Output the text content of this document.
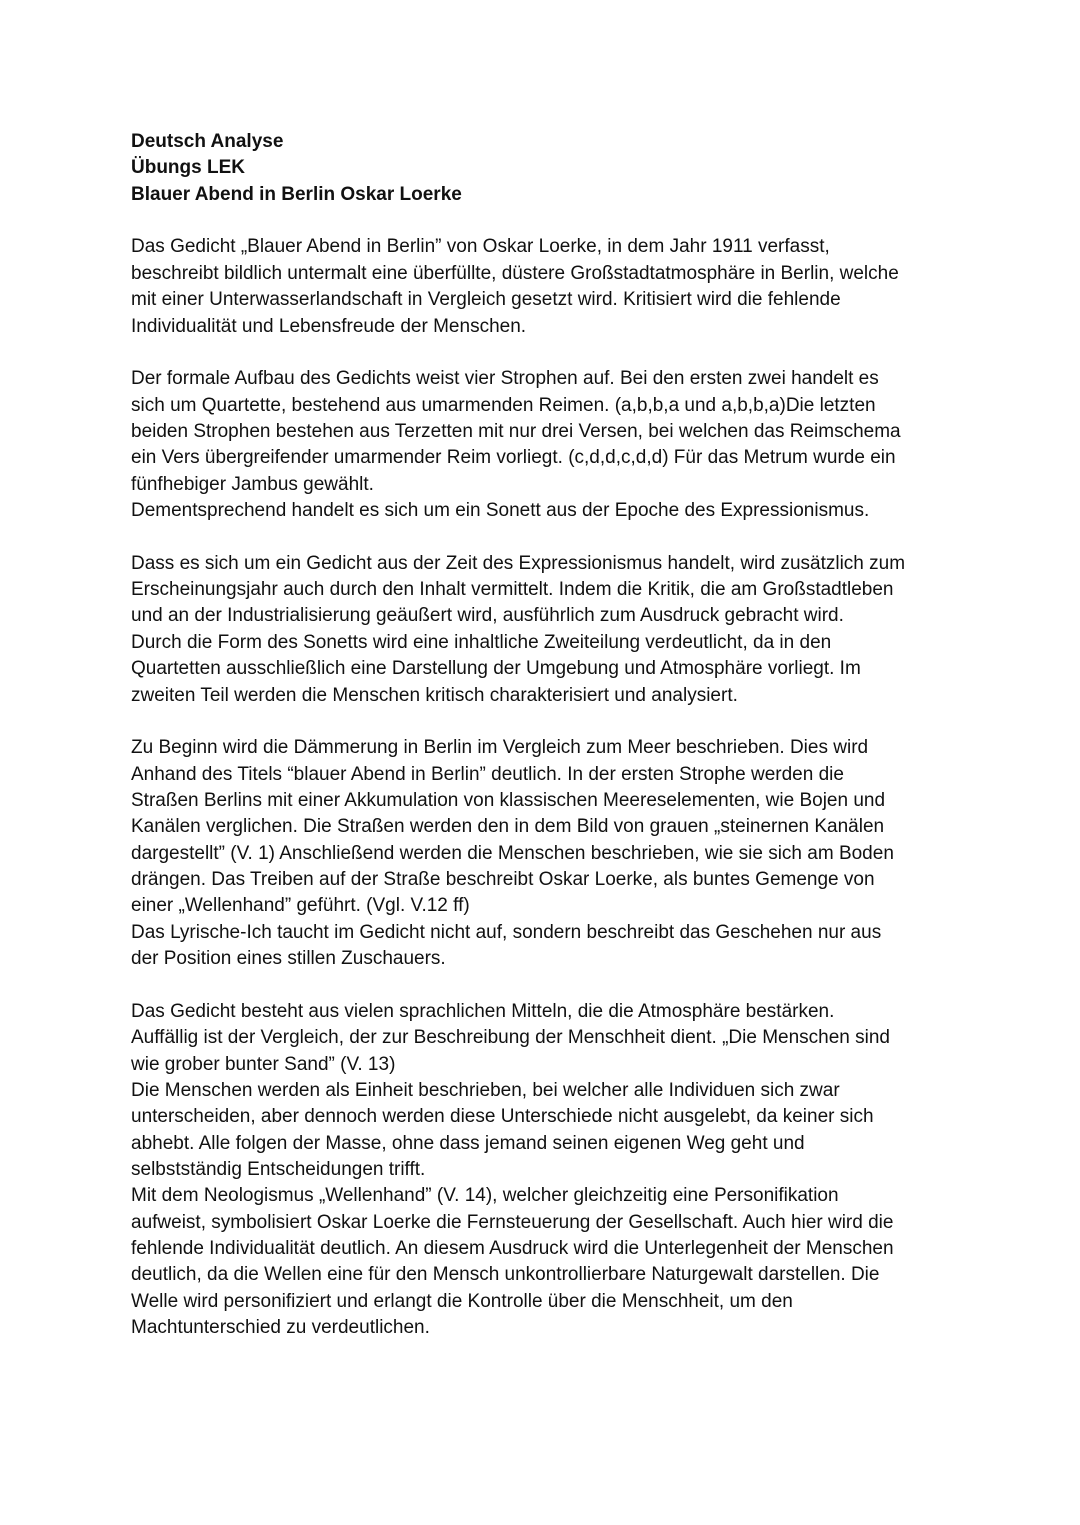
Deutsch Analyse
Übungs LEK
Blauer Abend in Berlin Oskar Loerke
Das Gedicht „Blauer Abend in Berlin” von Oskar Loerke, in dem Jahr 1911 verfasst,
beschreibt bildlich untermalt eine überfüllte, düstere Großstadtatmosphäre in Berlin, welche
mit einer Unterwasserlandschaft in Vergleich gesetzt wird. Kritisiert wird die fehlende
Individualität und Lebensfreude der Menschen.
Der formale Aufbau des Gedichts weist vier Strophen auf. Bei den ersten zwei handelt es
sich um Quartette, bestehend aus umarmenden Reimen. (a,b,b,a und a,b,b,a)Die letzten
beiden Strophen bestehen aus Terzetten mit nur drei Versen, bei welchen das Reimschema
ein Vers übergreifender umarmender Reim vorliegt. (c,d,d,c,d,d) Für das Metrum wurde ein
fünfhebiger Jambus gewählt.
Dementsprechend handelt es sich um ein Sonett aus der Epoche des Expressionismus.
Dass es sich um ein Gedicht aus der Zeit des Expressionismus handelt, wird zusätzlich zum
Erscheinungsjahr auch durch den Inhalt vermittelt. Indem die Kritik, die am Großstadtleben
und an der Industrialisierung geäußert wird, ausführlich zum Ausdruck gebracht wird.
Durch die Form des Sonetts wird eine inhaltliche Zweiteilung verdeutlicht, da in den
Quartetten ausschließlich eine Darstellung der Umgebung und Atmosphäre vorliegt. Im
zweiten Teil werden die Menschen kritisch charakterisiert und analysiert.
Zu Beginn wird die Dämmerung in Berlin im Vergleich zum Meer beschrieben. Dies wird
Anhand des Titels “blauer Abend in Berlin” deutlich. In der ersten Strophe werden die
Straßen Berlins mit einer Akkumulation von klassischen Meereselementen, wie Bojen und
Kanälen verglichen. Die Straßen werden den in dem Bild von grauen „steinernen Kanälen
dargestellt” (V. 1) Anschließend werden die Menschen beschrieben, wie sie sich am Boden
drängen. Das Treiben auf der Straße beschreibt Oskar Loerke, als buntes Gemenge von
einer „Wellenhand” geführt. (Vgl. V.12 ff)
Das Lyrische-Ich taucht im Gedicht nicht auf, sondern beschreibt das Geschehen nur aus
der Position eines stillen Zuschauers.
Das Gedicht besteht aus vielen sprachlichen Mitteln, die die Atmosphäre bestärken.
Auffällig ist der Vergleich, der zur Beschreibung der Menschheit dient. „Die Menschen sind
wie grober bunter Sand” (V. 13)
Die Menschen werden als Einheit beschrieben, bei welcher alle Individuen sich zwar
unterscheiden, aber dennoch werden diese Unterschiede nicht ausgelebt, da keiner sich
abhebt. Alle folgen der Masse, ohne dass jemand seinen eigenen Weg geht und
selbstständig Entscheidungen trifft.
Mit dem Neologismus „Wellenhand” (V. 14), welcher gleichzeitig eine Personifikation
aufweist, symbolisiert Oskar Loerke die Fernsteuerung der Gesellschaft. Auch hier wird die
fehlende Individualität deutlich. An diesem Ausdruck wird die Unterlegenheit der Menschen
deutlich, da die Wellen eine für den Mensch unkontrollierbare Naturgewalt darstellen. Die
Welle wird personifiziert und erlangt die Kontrolle über die Menschheit, um den
Machtunterschied zu verdeutlichen.
